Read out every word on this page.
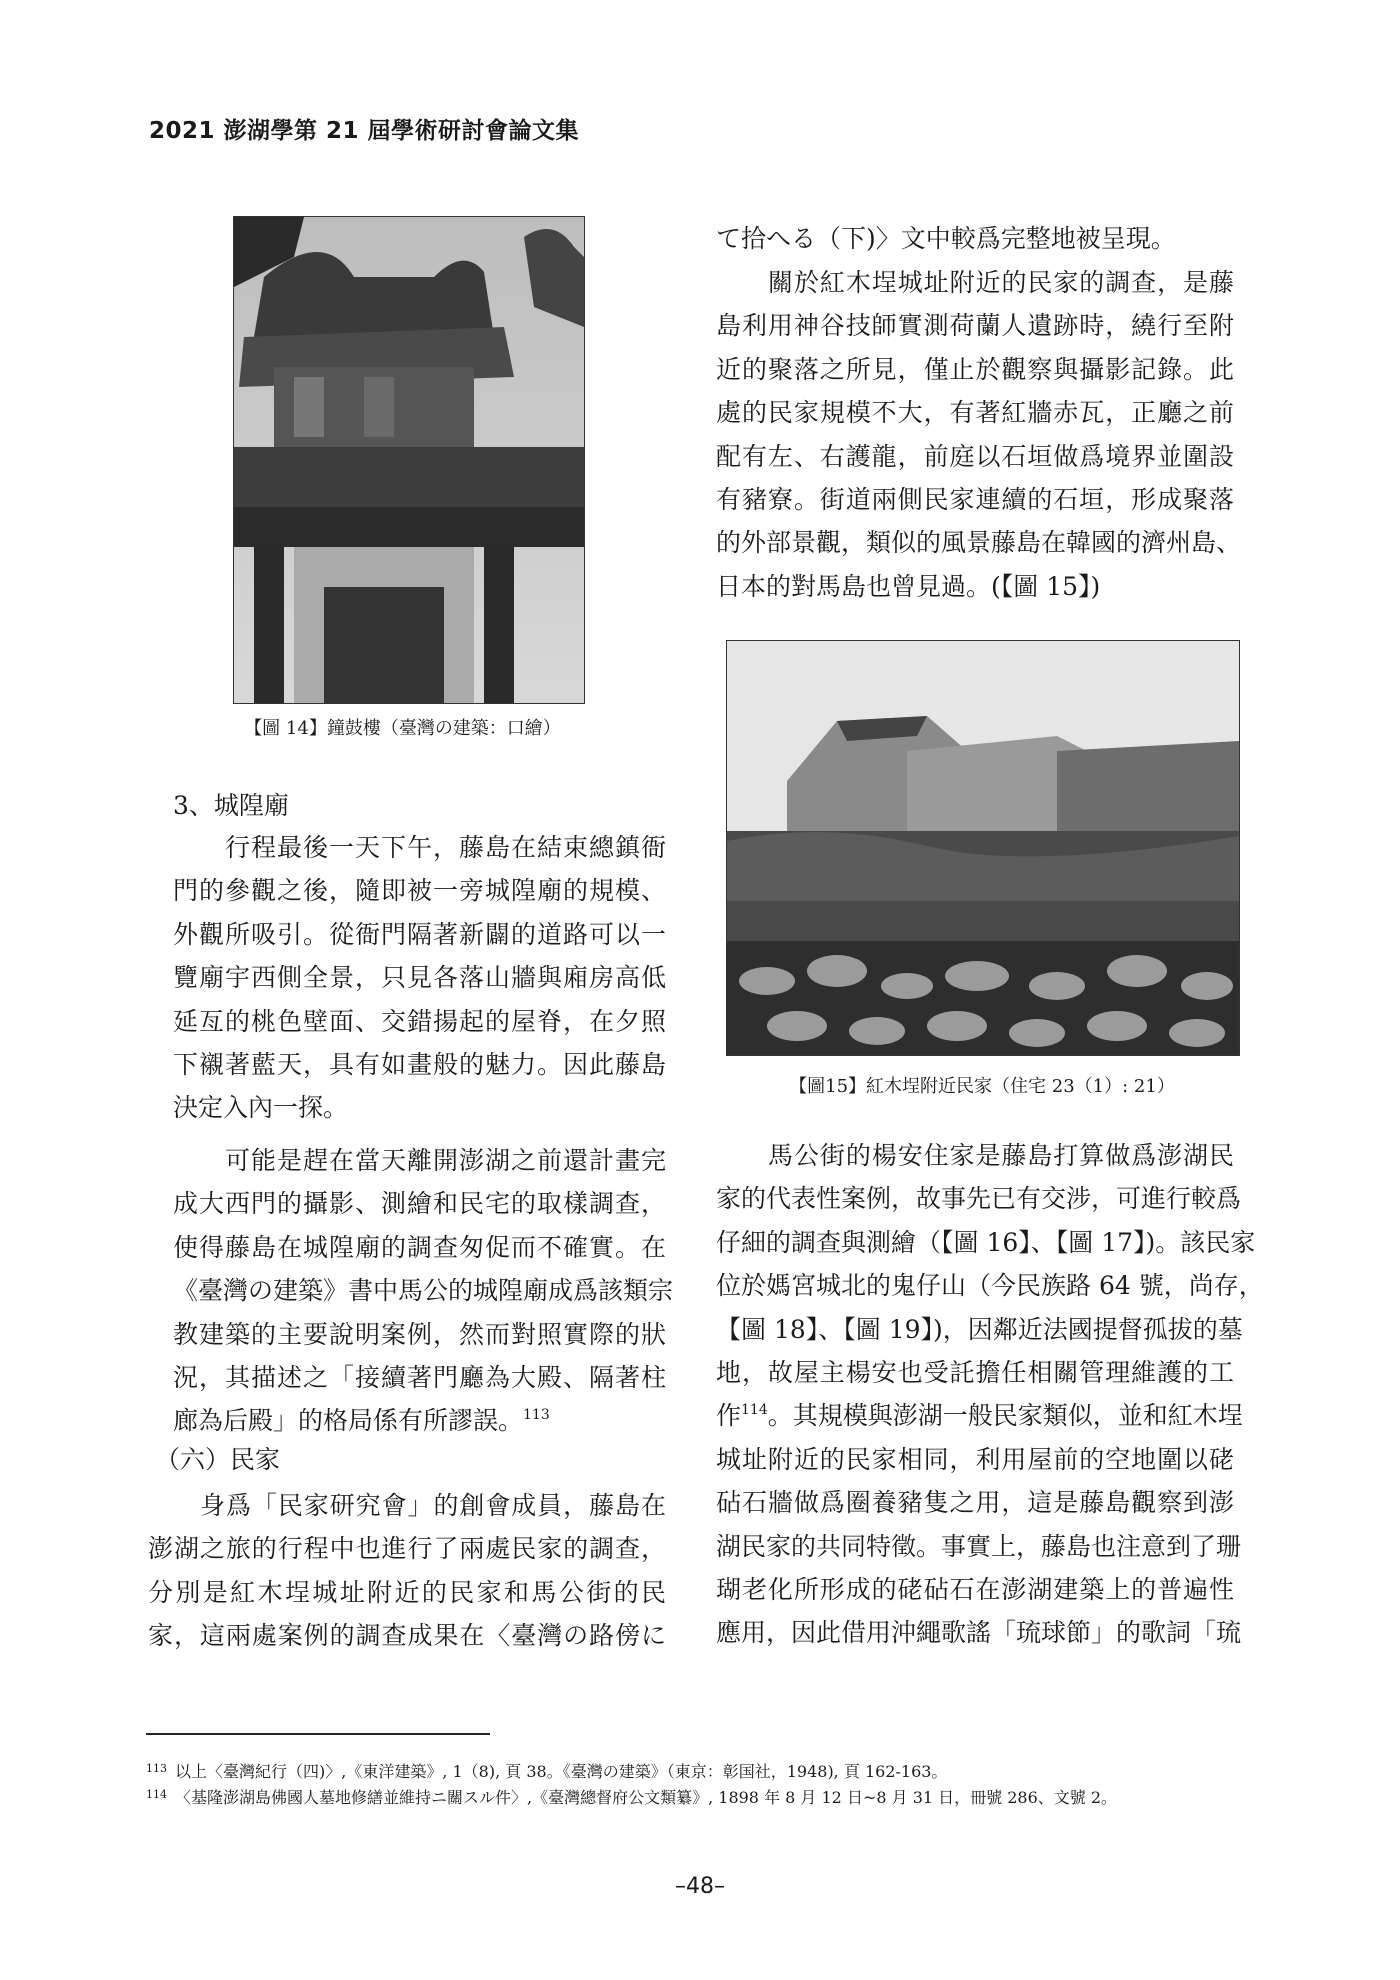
2021 澎湖學第 21 屆學術研討會論文集
【圖 14】鐘鼓樓（臺灣の建築：口繪）
【圖15】紅木埕附近民家（住宅 23（1）: 21）
3、城隍廟
（六）民家
行程最後一天下午，藤島在結束總鎮衙
門的參觀之後，隨即被一旁城隍廟的規模、
外觀所吸引。從衙門隔著新闢的道路可以一
覽廟宇西側全景，只見各落山牆與廂房高低
延亙的桃色壁面、交錯揚起的屋脊，在夕照
下襯著藍天，具有如畫般的魅力。因此藤島
決定入內一探。
可能是趕在當天離開澎湖之前還計畫完
成大西門的攝影、測繪和民宅的取樣調查，
使得藤島在城隍廟的調查匆促而不確實。在
《臺灣の建築》書中馬公的城隍廟成爲該類宗
教建築的主要說明案例，然而對照實際的狀
況，其描述之「接續著門廳為大殿、隔著柱
廊為后殿」的格局係有所謬誤。$^{113}$
身爲「民家研究會」的創會成員，藤島在
澎湖之旅的行程中也進行了兩處民家的調查，
分別是紅木埕城址附近的民家和馬公街的民
家，這兩處案例的調查成果在〈臺灣の路傍に
て拾へる（下)〉文中較爲完整地被呈現。
關於紅木埕城址附近的民家的調查，是藤
島利用神谷技師實測荷蘭人遺跡時，繞行至附
近的聚落之所見，僅止於觀察與攝影記錄。此
處的民家規模不大，有著紅牆赤瓦，正廳之前
配有左、右護龍，前庭以石垣做爲境界並圍設
有豬寮。街道兩側民家連續的石垣，形成聚落
的外部景觀，類似的風景藤島在韓國的濟州島、
日本的對馬島也曾見過。(【圖 15】)
馬公街的楊安住家是藤島打算做爲澎湖民
家的代表性案例，故事先已有交涉，可進行較爲
仔細的調查與測繪（【圖 16】、【圖 17】)。該民家
位於媽宮城北的鬼仔山（今民族路 64 號，尚存，
【圖 18】、【圖 19】)，因鄰近法國提督孤拔的墓
地，故屋主楊安也受託擔任相關管理維護的工
作$^{114}$。其規模與澎湖一般民家類似，並和紅木埕
城址附近的民家相同，利用屋前的空地圍以硓
砧石牆做爲圈養豬隻之用，這是藤島觀察到澎
湖民家的共同特徵。事實上，藤島也注意到了珊
瑚老化所形成的硓砧石在澎湖建築上的普遍性
應用，因此借用沖繩歌謠「琉球節」的歌詞「琉
$^{113}$ 以上〈臺灣紀行（四)〉,《東洋建築》, 1（8), 頁 38。《臺灣の建築》（東京：彰国社，1948), 頁 162-163。
$^{114}$ 〈基隆澎湖島佛國人墓地修繕並維持ニ關スル件〉,《臺灣總督府公文類纂》, 1898 年 8 月 12 日~8 月 31 日，冊號 286、文號 2。
–48–
